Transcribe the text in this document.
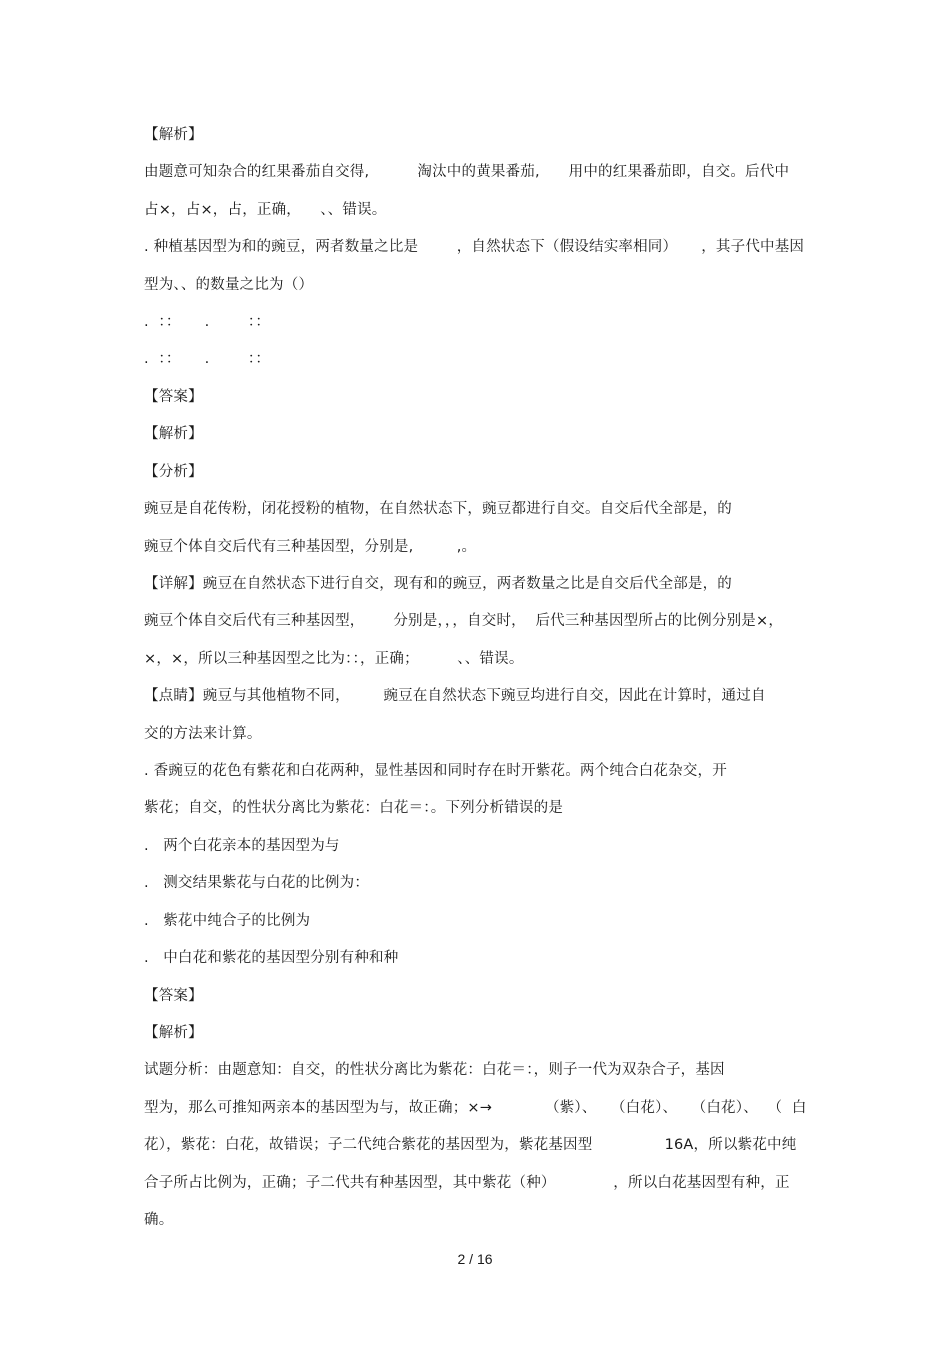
【解析】
由题意可知杂合的红果番茄自交得,          淘汰中的黄果番茄,      用中的红果番茄即，自交。后代中
占×，占×，占，正确，    、、错误。
. 种植基因型为和的豌豆，两者数量之比是        ，自然状态下（假设结实率相同）     ，其子代中基因
型为、、的数量之比为（）
.  ：：     .        ：：
.  ：：     .        ：：
【答案】
【解析】
【分析】
豌豆是自花传粉，闭花授粉的植物，在自然状态下，豌豆都进行自交。自交后代全部是，的
豌豆个体自交后代有三种基因型，分别是,         ,。
【详解】豌豆在自然状态下进行自交，现有和的豌豆，两者数量之比是自交后代全部是，的
豌豆个体自交后代有三种基因型，      分别是，，，自交时，  后代三种基因型所占的比例分别是×，
×，×，所以三种基因型之比为：：，正确；        、、错误。
【点睛】豌豆与其他植物不同，       豌豆在自然状态下豌豆均进行自交，因此在计算时，通过自
交的方法来计算。
. 香豌豆的花色有紫花和白花两种，显性基因和同时存在时开紫花。两个纯合白花杂交，开
紫花；自交，的性状分离比为紫花：白花＝：。下列分析错误的是
.   两个白花亲本的基因型为与
.   测交结果紫花与白花的比例为：
.   紫花中纯合子的比例为
.   中白花和紫花的基因型分别有种和种
【答案】
【解析】
试题分析：由题意知：自交，的性状分离比为紫花：白花＝：，则子一代为双杂合子，基因
型为，那么可推知两亲本的基因型为与，故正确；×→           （紫）、   （白花）、   （白花）、  （  白
花），紫花：白花，故错误；子二代纯合紫花的基因型为，紫花基因型               16A，所以紫花中纯
合子所占比例为，正确；子二代共有种基因型，其中紫花（种）            ，所以白花基因型有种，正
确。
2 / 16
